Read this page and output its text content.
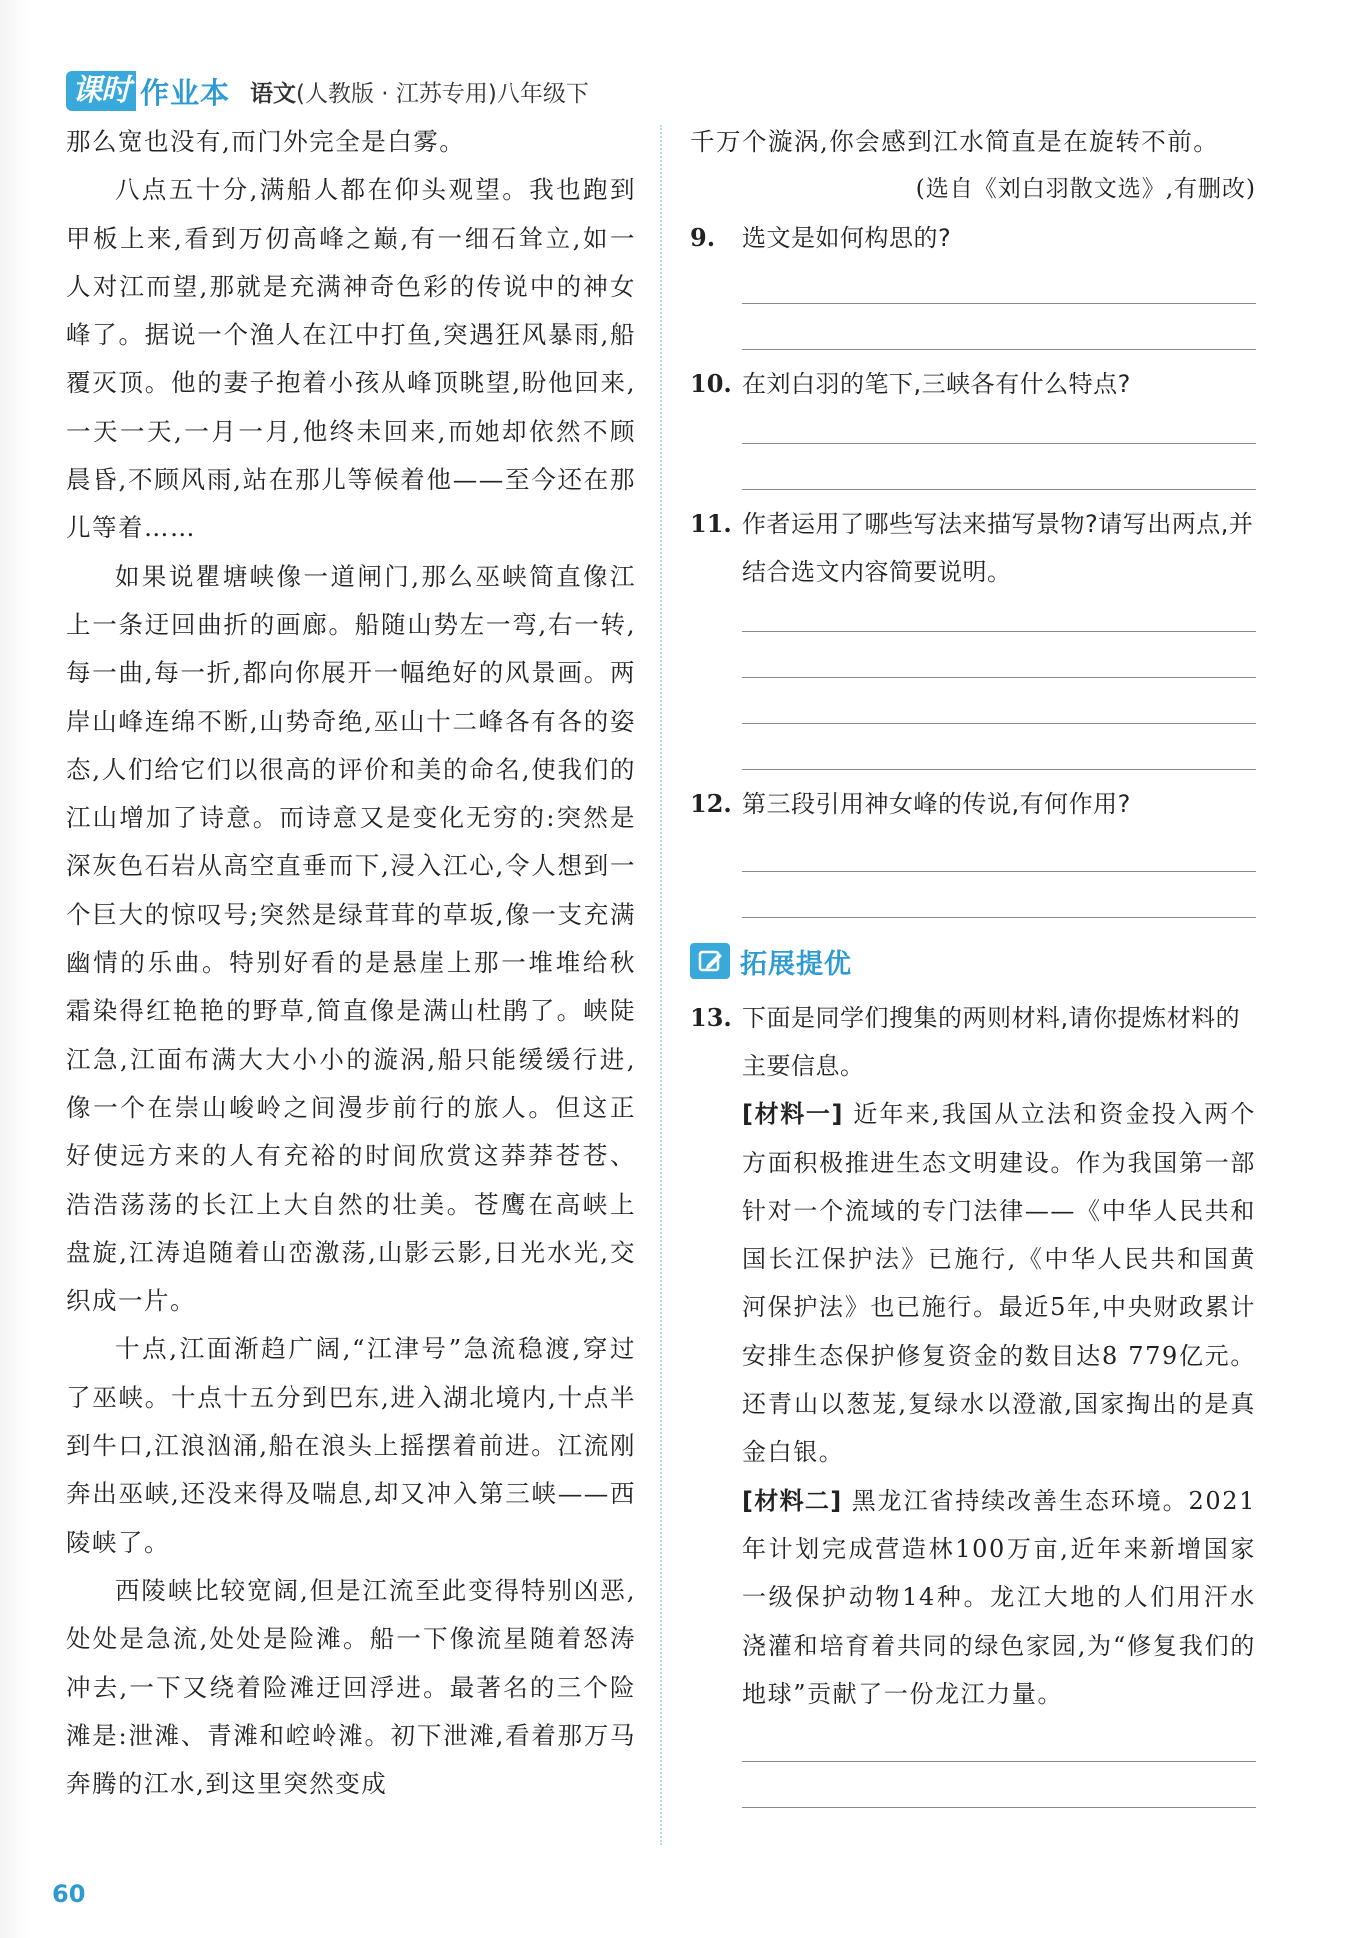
课时 作业本 语文(人教版 · 江苏专用)八年级下

那么宽也没有,而门外完全是白雾。

八点五十分,满船人都在仰头观望。我也跑到甲板上来,看到万仞高峰之巅,有一细石耸立,如一人对江而望,那就是充满神奇色彩的传说中的神女峰了。据说一个渔人在江中打鱼,突遇狂风暴雨,船覆灭顶。他的妻子抱着小孩从峰顶眺望,盼他回来,一天一天,一月一月,他终未回来,而她却依然不顾晨昏,不顾风雨,站在那儿等候着他——至今还在那儿等着……

如果说瞿塘峡像一道闸门,那么巫峡简直像江上一条迂回曲折的画廊。船随山势左一弯,右一转,每一曲,每一折,都向你展开一幅绝好的风景画。两岸山峰连绵不断,山势奇绝,巫山十二峰各有各的姿态,人们给它们以很高的评价和美的命名,使我们的江山增加了诗意。而诗意又是变化无穷的:突然是深灰色石岩从高空直垂而下,浸入江心,令人想到一个巨大的惊叹号;突然是绿茸茸的草坂,像一支充满幽情的乐曲。特别好看的是悬崖上那一堆堆给秋霜染得红艳艳的野草,简直像是满山杜鹃了。峡陡江急,江面布满大大小小的漩涡,船只能缓缓行进,像一个在崇山峻岭之间漫步前行的旅人。但这正好使远方来的人有充裕的时间欣赏这莽莽苍苍、浩浩荡荡的长江上大自然的壮美。苍鹰在高峡上盘旋,江涛追随着山峦激荡,山影云影,日光水光,交织成一片。

十点,江面渐趋广阔,“江津号”急流稳渡,穿过了巫峡。十点十五分到巴东,进入湖北境内,十点半到牛口,江浪汹涌,船在浪头上摇摆着前进。江流刚奔出巫峡,还没来得及喘息,却又冲入第三峡——西陵峡了。

西陵峡比较宽阔,但是江流至此变得特别凶恶,处处是急流,处处是险滩。船一下像流星随着怒涛冲去,一下又绕着险滩迂回浮进。最著名的三个险滩是:泄滩、青滩和崆岭滩。初下泄滩,看着那万马奔腾的江水,到这里突然变成

千万个漩涡,你会感到江水简直是在旋转不前。

(选自《刘白羽散文选》,有删改)

9.	选文是如何构思的?
10. 在刘白羽的笔下,三峡各有什么特点?
11. 作者运用了哪些写法来描写景物?请写出两点,并结合选文内容简要说明。
12. 第三段引用神女峰的传说,有何作用?
拓展提优
13. 下面是同学们搜集的两则材料,请你提炼材料的主要信息。

[材料一] 近年来,我国从立法和资金投入两个方面积极推进生态文明建设。作为我国第一部针对一个流域的专门法律——《中华人民共和国长江保护法》已施行,《中华人民共和国黄河保护法》也已施行。最近5年,中央财政累计安排生态保护修复资金的数目达8 779亿元。还青山以葱茏,复绿水以澄澈,国家掏出的是真金白银。

[材料二] 黑龙江省持续改善生态环境。2021年计划完成营造林100万亩,近年来新增国家一级保护动物14种。龙江大地的人们用汗水浇灌和培育着共同的绿色家园,为“修复我们的地球”贡献了一份龙江力量。

60
